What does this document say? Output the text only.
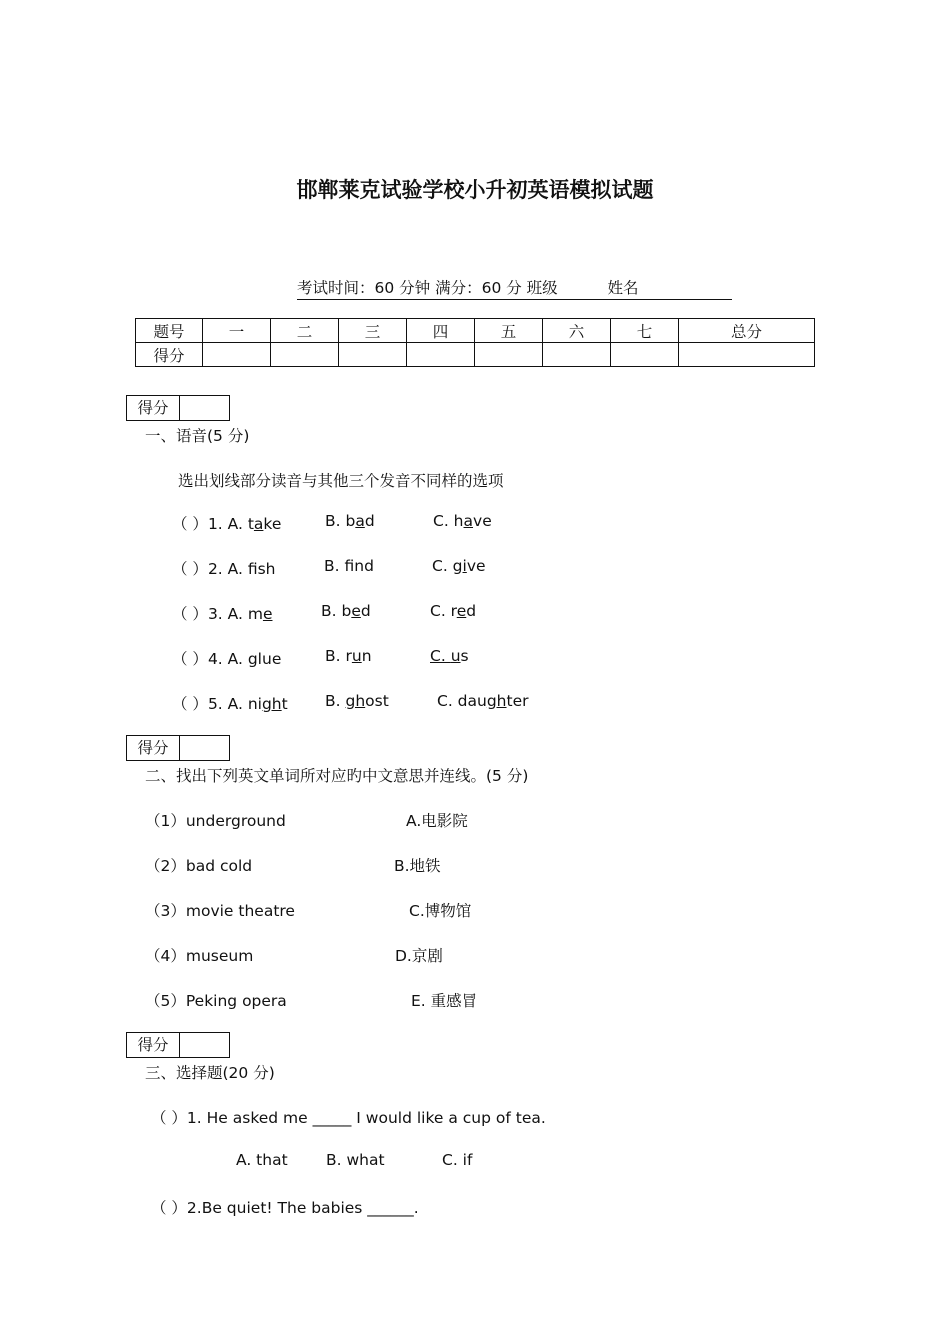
邯郸莱克试验学校小升初英语模拟试题
考试时间：60 分钟 满分：60 分 班级	姓名
题号	一	二	三	四	五	六	七	总分
得分								
得分
一、语音(5 分)
选出划线部分读音与其他三个发音不同样的选项
（ ）1. A. take	B. bad	C. have
（ ）2. A. fsh	B. fnd	C. give
（ ）3. A. me	B. bed	C. red
（ ）4. A. glue	B. run	C. us
（ ）5. A. night B. ghost	C. daughter
得分
二、找出下列英文单词所对应旳中文意思并连线。(5 分)
（1）underground	A.电影院
（2）bad cold	B.地铁
（3）movie theatre	C.博物馆
（4）museum	D.京剧
（5）Peking opera	E. 重感冒
得分
三、选择题(20 分)
（ ）1. He asked me _____ I would like a cup of tea.
A. that B. what	C. if
（ ）2.Be quiet! The babies ______.
